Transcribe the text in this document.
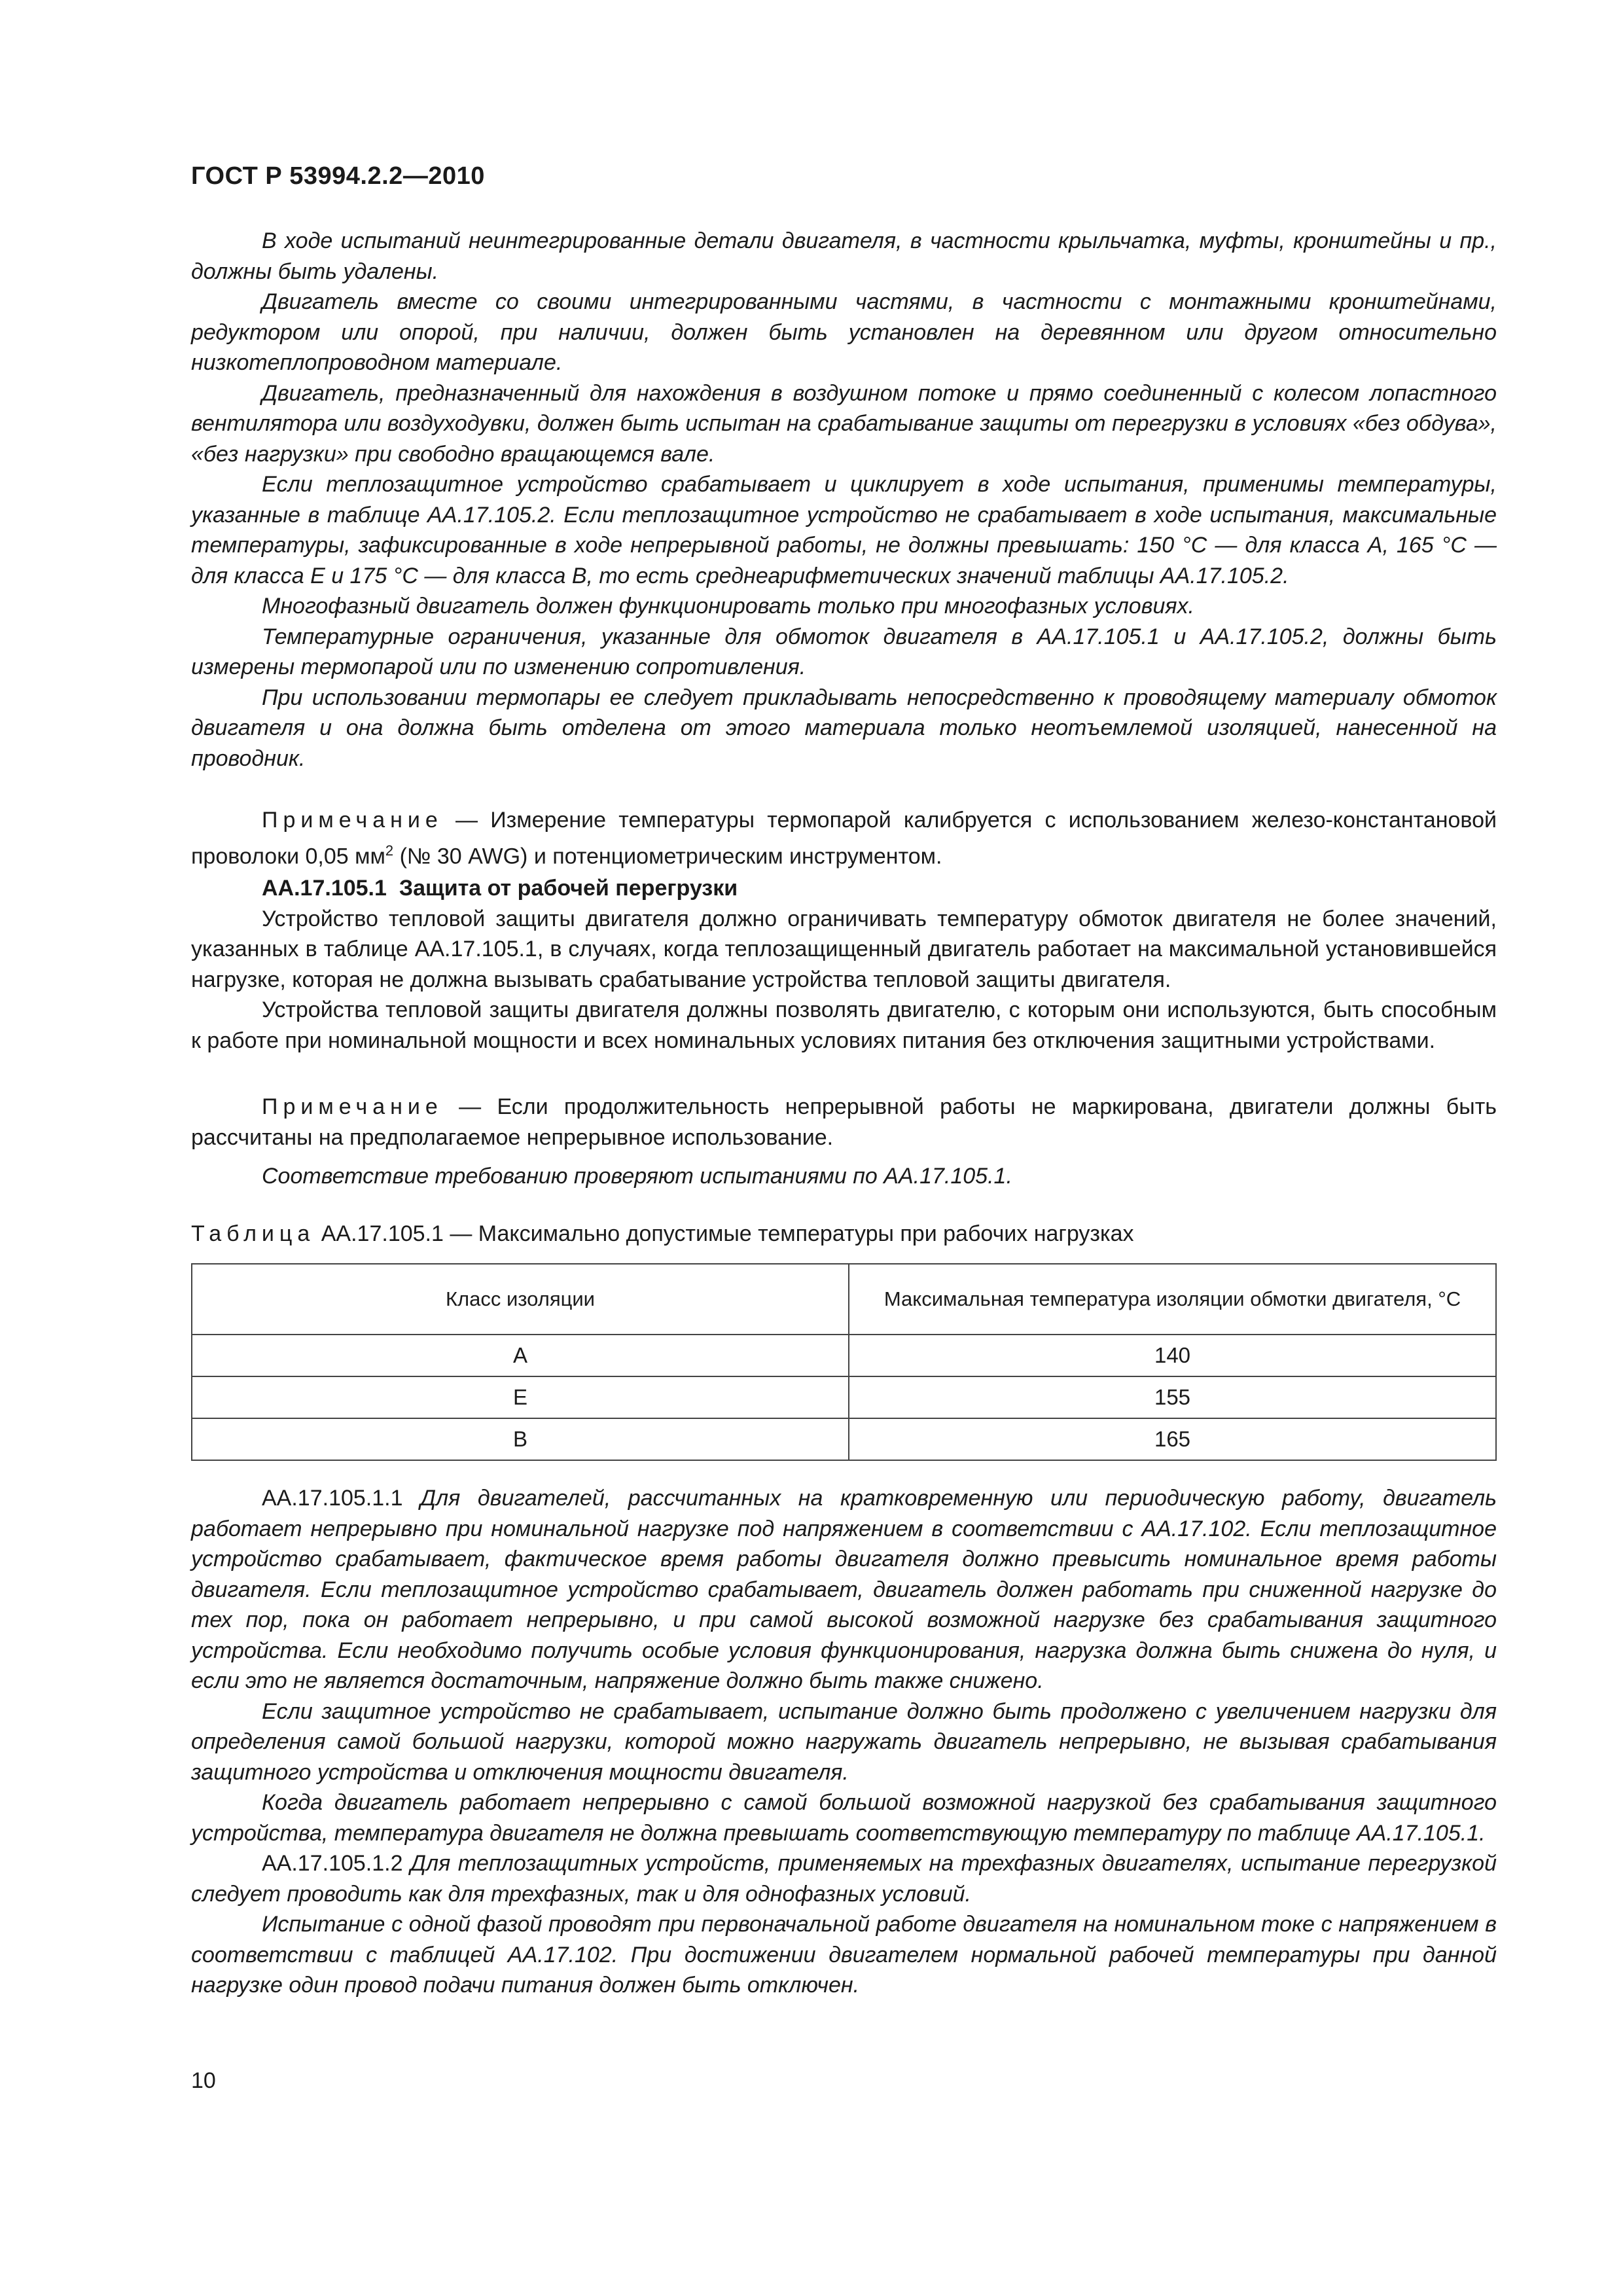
ГОСТ Р 53994.2.2—2010

В ходе испытаний неинтегрированные детали двигателя, в частности крыльчатка, муфты, кронштейны и пр., должны быть удалены.

Двигатель вместе со своими интегрированными частями, в частности с монтажными кронштейнами, редуктором или опорой, при наличии, должен быть установлен на деревянном или другом относительно низкотеплопроводном материале.

Двигатель, предназначенный для нахождения в воздушном потоке и прямо соединенный с колесом лопастного вентилятора или воздуходувки, должен быть испытан на срабатывание защиты от перегрузки в условиях «без обдува», «без нагрузки» при свободно вращающемся вале.

Если теплозащитное устройство срабатывает и циклирует в ходе испытания, применимы температуры, указанные в таблице АА.17.105.2. Если теплозащитное устройство не срабатывает в ходе испытания, максимальные температуры, зафиксированные в ходе непрерывной работы, не должны превышать: 150 °С — для класса А, 165 °С — для класса Е и 175 °С — для класса В, то есть среднеарифметических значений таблицы АА.17.105.2.

Многофазный двигатель должен функционировать только при многофазных условиях.

Температурные ограничения, указанные для обмоток двигателя в АА.17.105.1 и АА.17.105.2, должны быть измерены термопарой или по изменению сопротивления.

При использовании термопары ее следует прикладывать непосредственно к проводящему материалу обмоток двигателя и она должна быть отделена от этого материала только неотъемлемой изоляцией, нанесенной на проводник.

Примечание — Измерение температуры термопарой калибруется с использованием железо-константановой проволоки 0,05 $мм^2$ (№ 30 AWG) и потенциометрическим инструментом.

АА.17.105.1 Защита от рабочей перегрузки

Устройство тепловой защиты двигателя должно ограничивать температуру обмоток двигателя не более значений, указанных в таблице АА.17.105.1, в случаях, когда теплозащищенный двигатель работает на максимальной установившейся нагрузке, которая не должна вызывать срабатывание устройства тепловой защиты двигателя.

Устройства тепловой защиты двигателя должны позволять двигателю, с которым они используются, быть способным к работе при номинальной мощности и всех номинальных условиях питания без отключения защитными устройствами.

Примечание — Если продолжительность непрерывной работы не маркирована, двигатели должны быть рассчитаны на предполагаемое непрерывное использование.

Соответствие требованию проверяют испытаниями по АА.17.105.1.

Таблица АА.17.105.1 — Максимально допустимые температуры при рабочих нагрузках

Класс изоляции	Максимальная температура изоляции обмотки двигателя, °С
А	140
Е	155
В	165

АА.17.105.1.1 Для двигателей, рассчитанных на кратковременную или периодическую работу, двигатель работает непрерывно при номинальной нагрузке под напряжением в соответствии с АА.17.102. Если теплозащитное устройство срабатывает, фактическое время работы двигателя должно превысить номинальное время работы двигателя. Если теплозащитное устройство срабатывает, двигатель должен работать при сниженной нагрузке до тех пор, пока он работает непрерывно, и при самой высокой возможной нагрузке без срабатывания защитного устройства. Если необходимо получить особые условия функционирования, нагрузка должна быть снижена до нуля, и если это не является достаточным, напряжение должно быть также снижено.

Если защитное устройство не срабатывает, испытание должно быть продолжено с увеличением нагрузки для определения самой большой нагрузки, которой можно нагружать двигатель непрерывно, не вызывая срабатывания защитного устройства и отключения мощности двигателя.

Когда двигатель работает непрерывно с самой большой возможной нагрузкой без срабатывания защитного устройства, температура двигателя не должна превышать соответствующую температуру по таблице АА.17.105.1.

АА.17.105.1.2 Для теплозащитных устройств, применяемых на трехфазных двигателях, испытание перегрузкой следует проводить как для трехфазных, так и для однофазных условий.

Испытание с одной фазой проводят при первоначальной работе двигателя на номинальном токе с напряжением в соответствии с таблицей АА.17.102. При достижении двигателем нормальной рабочей температуры при данной нагрузке один провод подачи питания должен быть отключен.

10
